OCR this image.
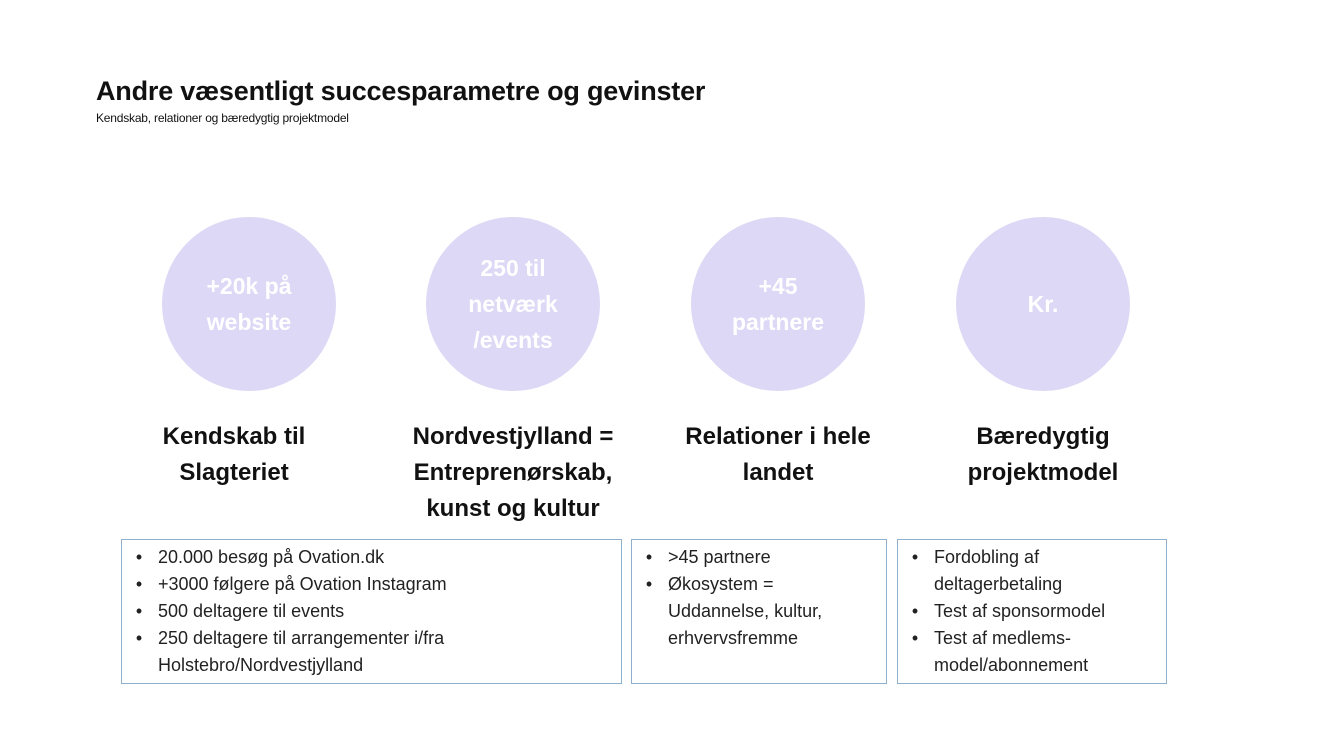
Andre væsentligt succesparametre og gevinster
Kendskab, relationer og bæredygtig projektmodel
+20k på
website
250 til
netværk
/events
+45
partnere
Kr.
Kendskab til
Slagteriet
Nordvestjylland =
Entreprenørskab,
kunst og kultur
Relationer i hele
landet
Bæredygtig
projektmodel
• 20.000 besøg på Ovation.dk
• +3000 følgere på Ovation Instagram
• 500 deltagere til events
• 250 deltagere til arrangementer i/fra
Holstebro/Nordvestjylland
• >45 partnere
• Økosystem =
Uddannelse, kultur,
erhvervsfremme
• Fordobling af
deltagerbetaling
• Test af sponsormodel
• Test af medlems-
model/abonnement
